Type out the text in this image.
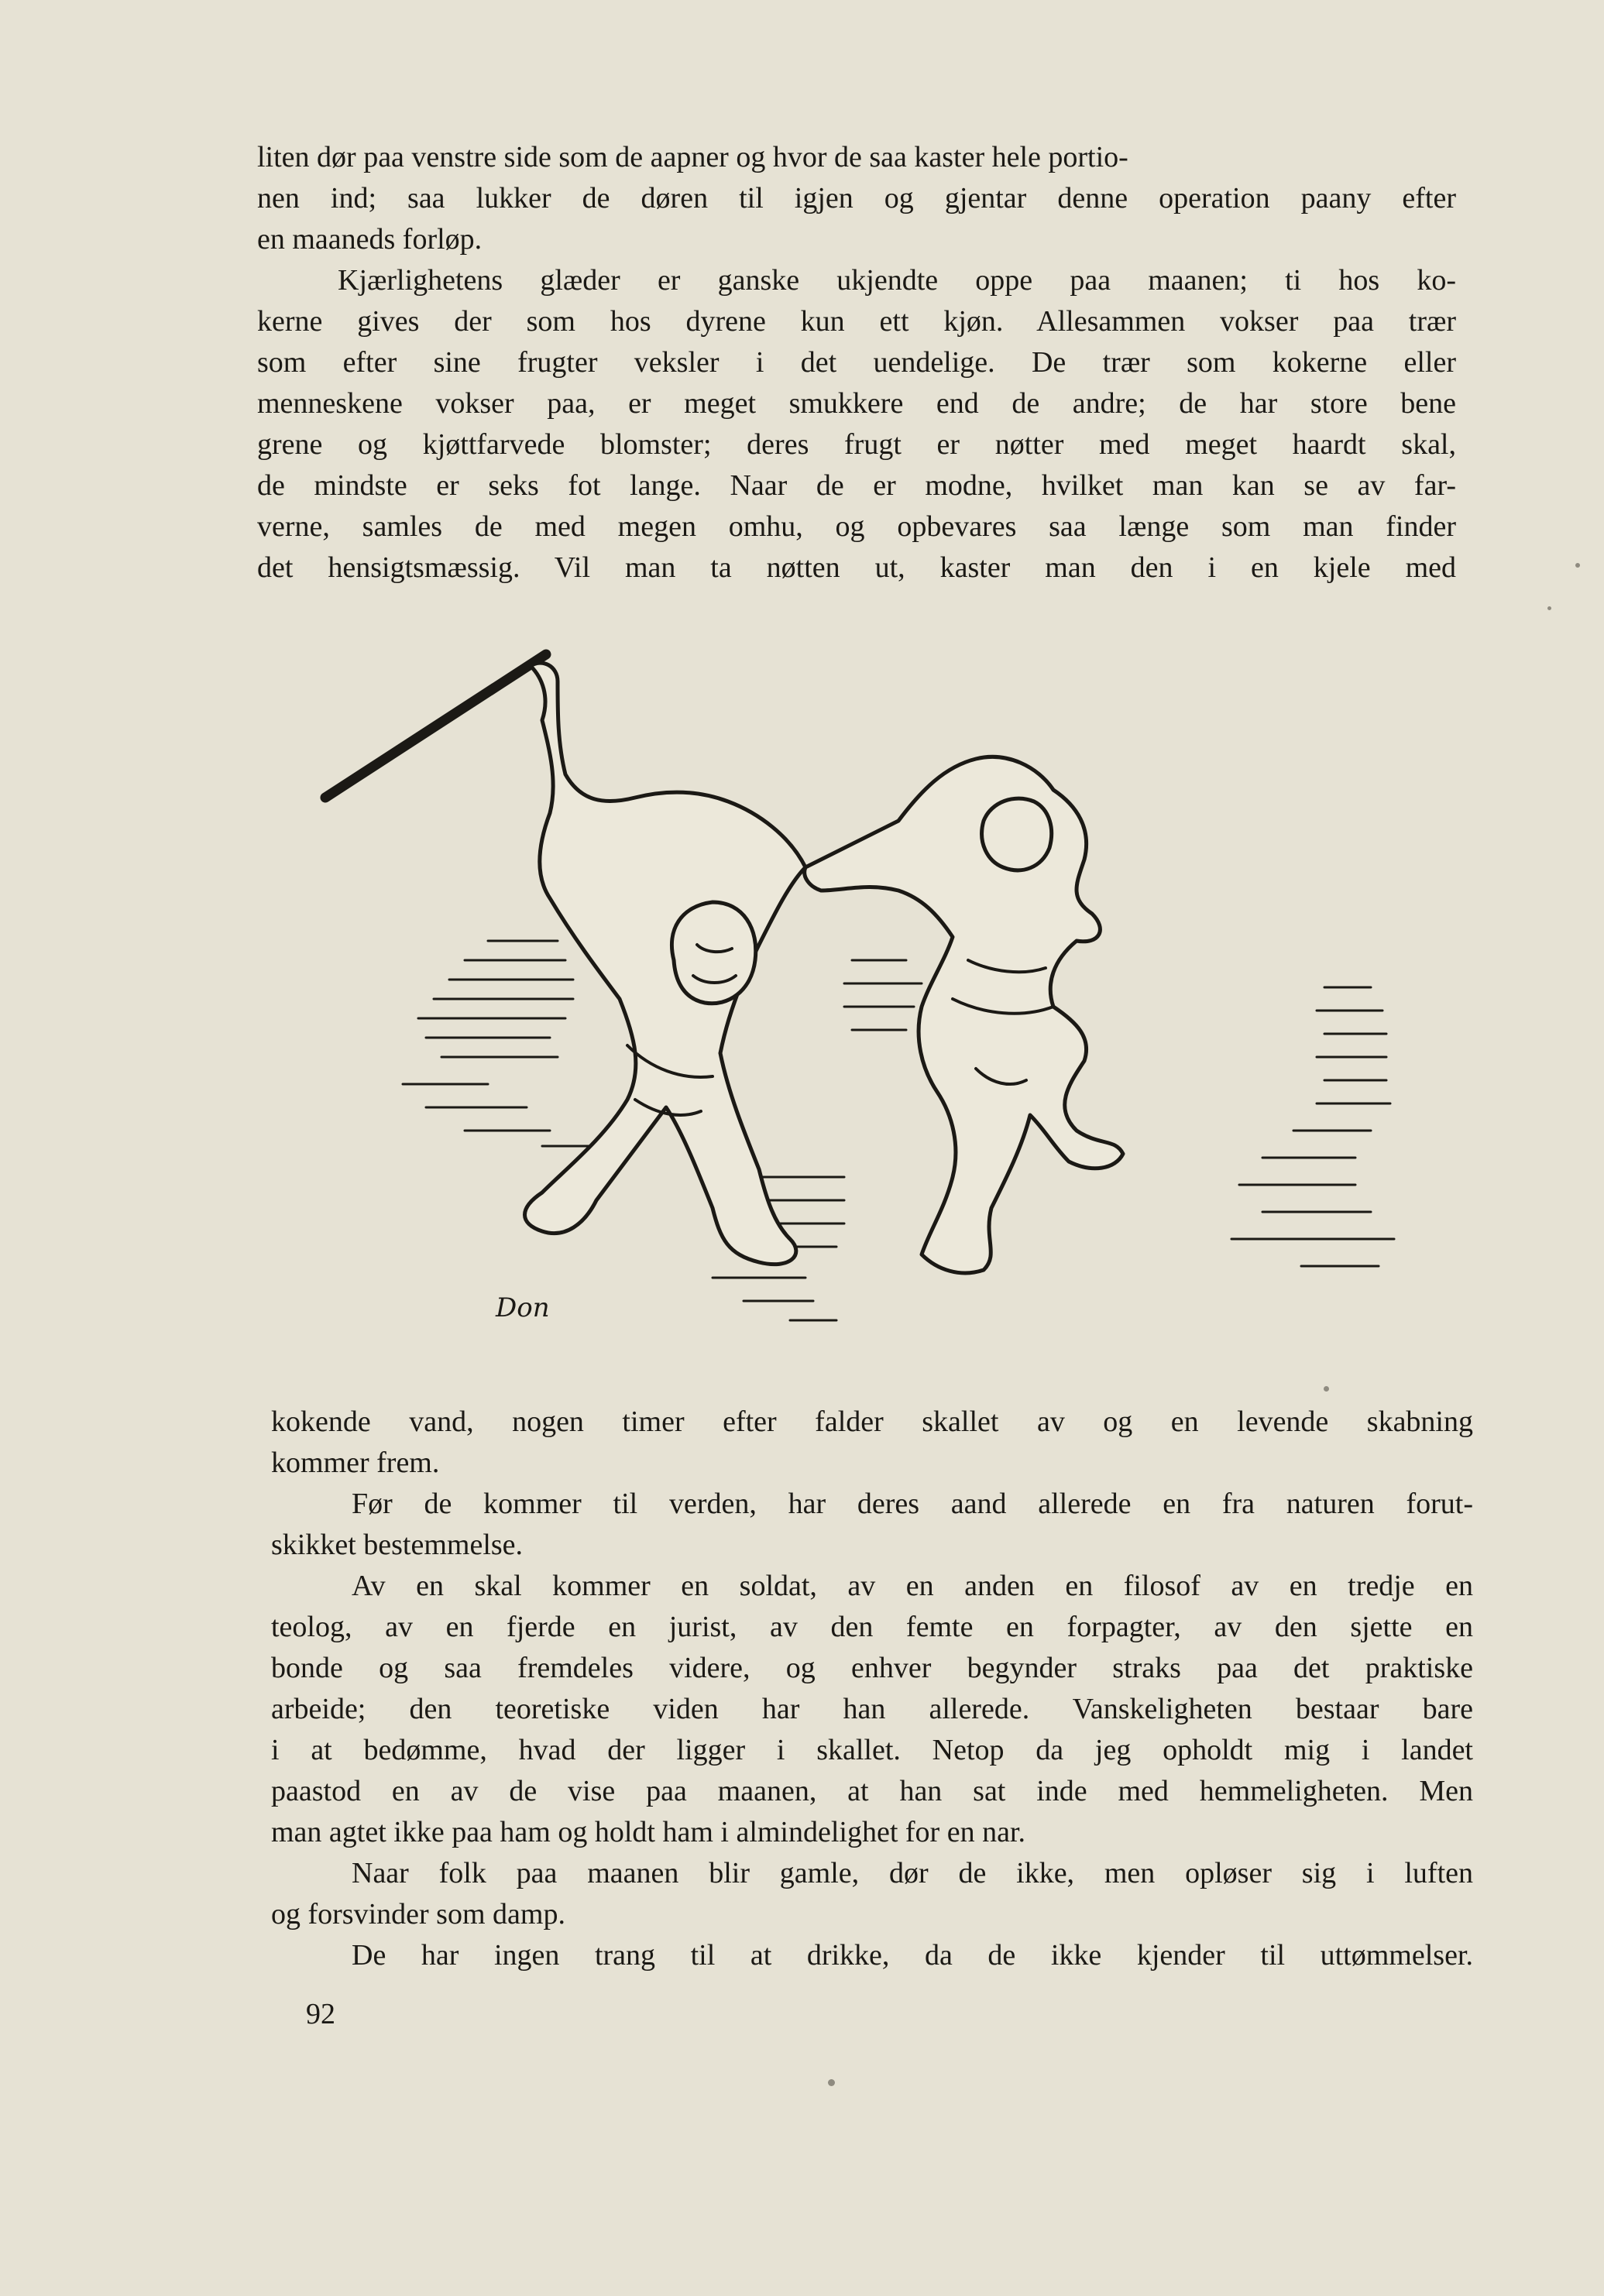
liten dør paa venstre side som de aapner og hvor de saa kaster hele portio-
nen ind; saa lukker de døren til igjen og gjentar denne operation paany efter
en maaneds forløp.
Kjærlighetens glæder er ganske ukjendte oppe paa maanen; ti hos ko-
kerne gives der som hos dyrene kun ett kjøn. Allesammen vokser paa trær
som efter sine frugter veksler i det uendelige. De trær som kokerne eller
menneskene vokser paa, er meget smukkere end de andre; de har store bene
grene og kjøttfarvede blomster; deres frugt er nøtter med meget haardt skal,
de mindste er seks fot lange. Naar de er modne, hvilket man kan se av far-
verne, samles de med megen omhu, og opbevares saa længe som man finder
det hensigtsmæssig. Vil man ta nøtten ut, kaster man den i en kjele med
Don
kokende vand, nogen timer efter falder skallet av og en levende skabning
kommer frem.
Før de kommer til verden, har deres aand allerede en fra naturen forut-
skikket bestemmelse.
Av en skal kommer en soldat, av en anden en filosof av en tredje en
teolog, av en fjerde en jurist, av den femte en forpagter, av den sjette en
bonde og saa fremdeles videre, og enhver begynder straks paa det praktiske
arbeide; den teoretiske viden har han allerede. Vanskeligheten bestaar bare
i at bedømme, hvad der ligger i skallet. Netop da jeg opholdt mig i landet
paastod en av de vise paa maanen, at han sat inde med hemmeligheten. Men
man agtet ikke paa ham og holdt ham i almindelighet for en nar.
Naar folk paa maanen blir gamle, dør de ikke, men opløser sig i luften
og forsvinder som damp.
De har ingen trang til at drikke, da de ikke kjender til uttømmelser.
92
